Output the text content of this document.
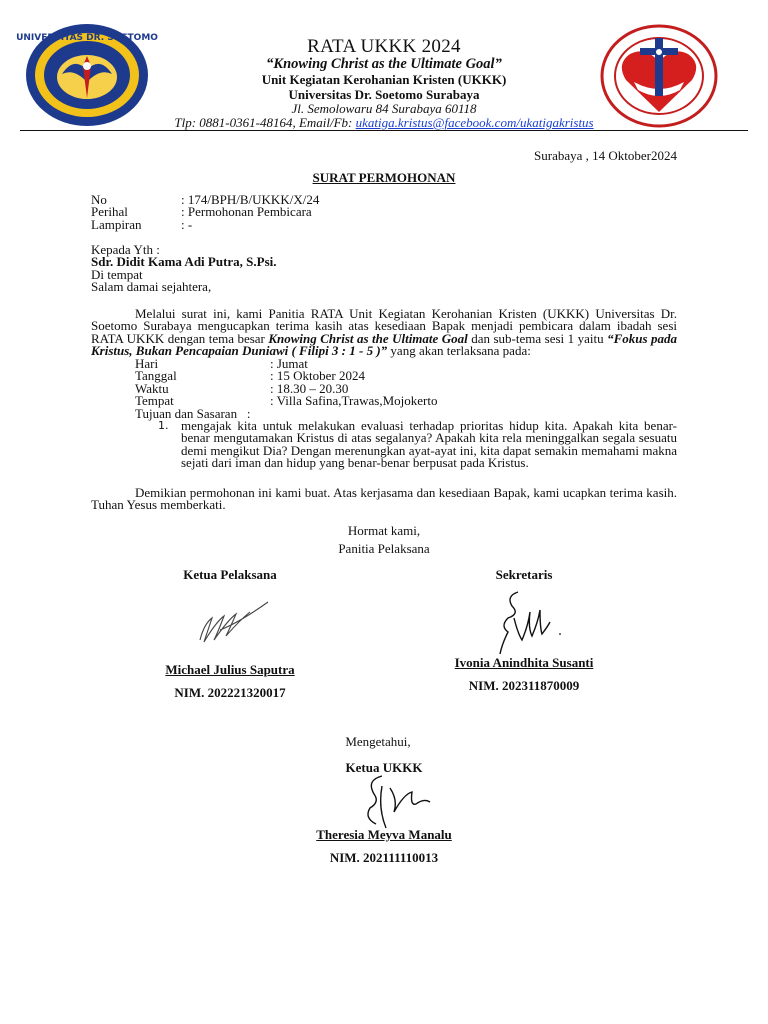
UNIVERSITAS DR. SOETOMO	RATA UKKK 2024
“Knowing Christ as the Ultimate Goal”
Unit Kegiatan Kerohanian Kristen (UKKK)
Universitas Dr. Soetomo Surabaya
Jl. Semolowaru 84 Surabaya 60118
Tlp: 0881-0361-48164, Email/Fb: ukatiga.kristus@facebook.com/ukatigakristus
Surabaya , 14 Oktober2024
SURAT PERMOHONAN
No	: 174/BPH/B/UKKK/X/24
Perihal	: Permohonan Pembicara
Lampiran	: -
Kepada Yth :
Sdr. Didit Kama Adi Putra, S.Psi.
Di tempat
Salam damai sejahtera,
Melalui surat ini, kami Panitia RATA Unit Kegiatan Kerohanian Kristen (UKKK) Universitas Dr. Soetomo Surabaya mengucapkan terima kasih atas kesediaan Bapak menjadi pembicara dalam ibadah sesi RATA UKKK dengan tema besar Knowing Christ as the Ultimate Goal dan sub-tema sesi 1 yaitu “Fokus pada Kristus, Bukan Pencapaian Duniawi ( Filipi 3 : 1 - 5 )” yang akan terlaksana pada:
Hari	: Jumat
Tanggal	: 15 Oktober 2024
Waktu	: 18.30 – 20.30
Tempat	: Villa Safina,Trawas,Mojokerto
Tujuan dan Sasaran   :
1. mengajak kita untuk melakukan evaluasi terhadap prioritas hidup kita. Apakah kita benar-benar mengutamakan Kristus di atas segalanya? Apakah kita rela meninggalkan segala sesuatu demi mengikut Dia? Dengan merenungkan ayat-ayat ini, kita dapat semakin memahami makna sejati dari iman dan hidup yang benar-benar berpusat pada Kristus.
Demikian permohonan ini kami buat. Atas kerjasama dan kesediaan Bapak, kami ucapkan terima kasih. Tuhan Yesus memberkati.
Hormat kami,
Panitia Pelaksana
Ketua Pelaksana
Michael Julius Saputra
NIM. 202221320017
Sekretaris
Ivonia Anindhita Susanti
NIM. 202311870009
Mengetahui,
Ketua UKKK
Theresia Meyva Manalu
NIM. 202111110013
